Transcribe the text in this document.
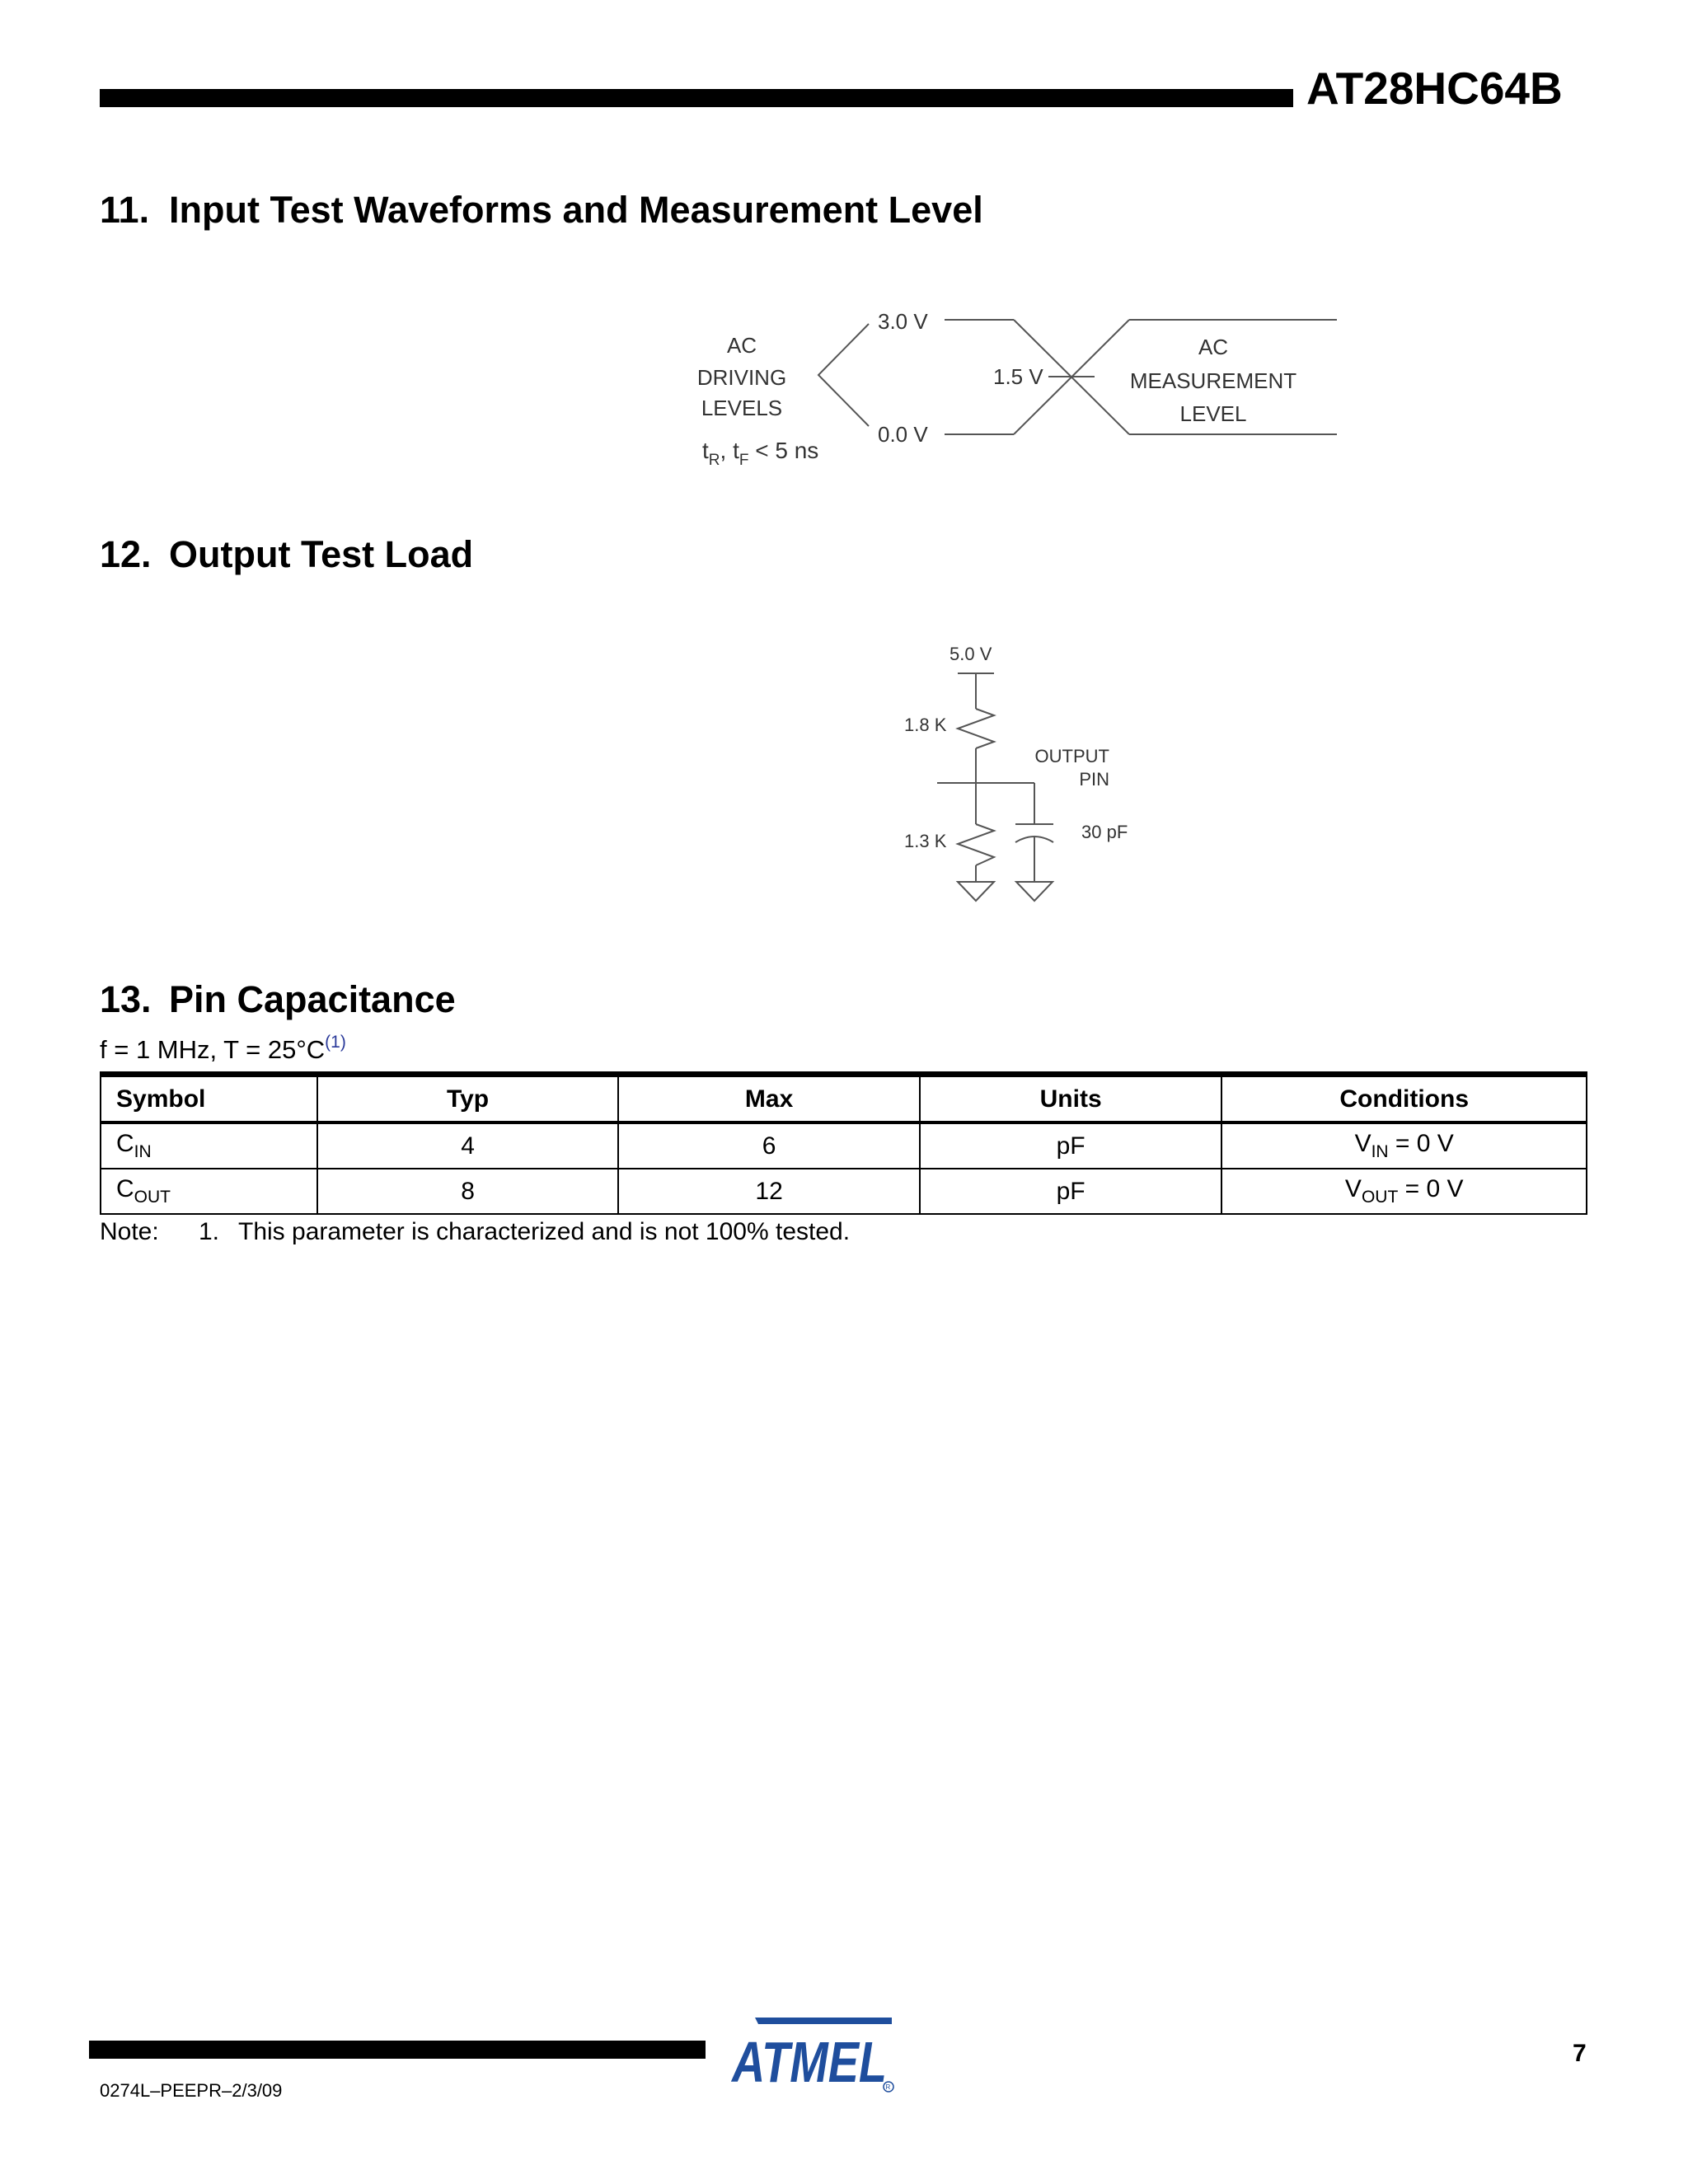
AT28HC64B
11. Input Test Waveforms and Measurement Level
AC
DRIVING
LEVELS
AC
MEASUREMENT
LEVEL
3.0 V
0.0 V
1.5 V
$t_R$, $t_F < 5$ ns
5.0 V
1.8 K
1.3 K	30 pF
OUTPUT
PIN
12. Output Test Load
13. Pin Capacitance
f = 1 MHz, $T = 25^\circ C^{(1)}$
Symbol	Typ	Max	Units	Conditions
$C_{IN}$	4	6	pF	$V_{IN} = 0$ V
$C_{OUT}$	8	12	pF	$V_{OUT} = 0$ V
Note: 1. This parameter is characterized and is not 100% tested.
ATMEL
R
7
0274L–PEEPR–2/3/09
